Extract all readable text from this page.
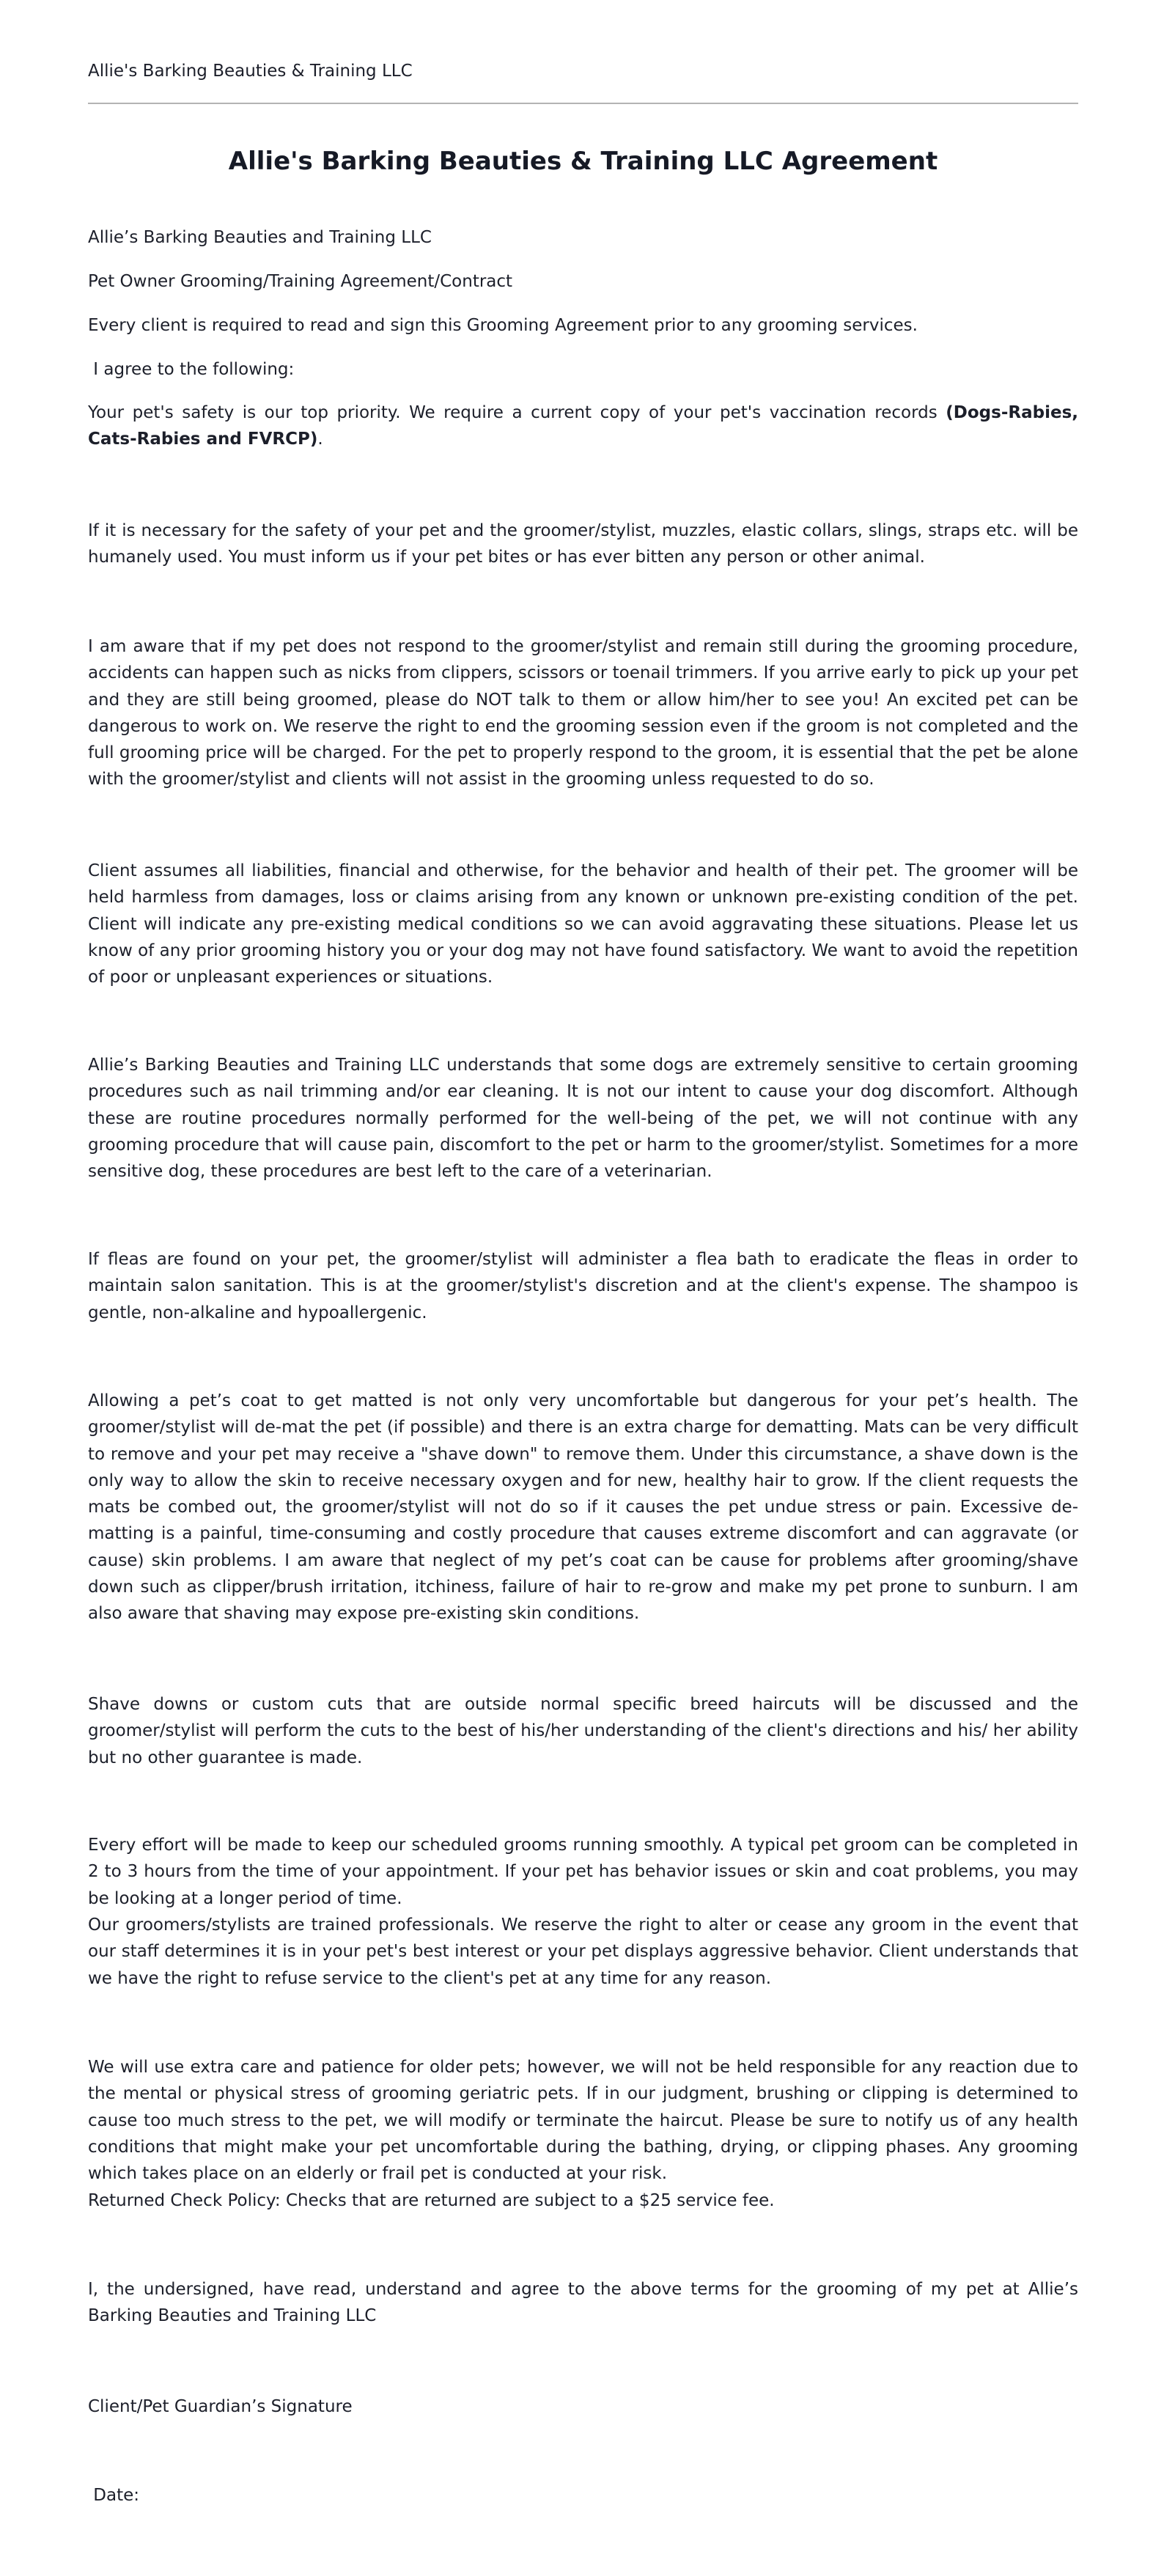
Allie's Barking Beauties & Training LLC
Allie's Barking Beauties & Training LLC Agreement

Allie’s Barking Beauties and Training LLC

Pet Owner Grooming/Training Agreement/Contract

Every client is required to read and sign this Grooming Agreement prior to any grooming services.

I agree to the following:

Your pet's safety is our top priority. We require a current copy of your pet's vaccination records (Dogs-Rabies, Cats-Rabies and FVRCP).

If it is necessary for the safety of your pet and the groomer/stylist, muzzles, elastic collars, slings, straps etc. will be humanely used. You must inform us if your pet bites or has ever bitten any person or other animal.

I am aware that if my pet does not respond to the groomer/stylist and remain still during the grooming procedure, accidents can happen such as nicks from clippers, scissors or toenail trimmers. If you arrive early to pick up your pet and they are still being groomed, please do NOT talk to them or allow him/her to see you! An excited pet can be dangerous to work on. We reserve the right to end the grooming session even if the groom is not completed and the full grooming price will be charged. For the pet to properly respond to the groom, it is essential that the pet be alone with the groomer/stylist and clients will not assist in the grooming unless requested to do so.

Client assumes all liabilities, financial and otherwise, for the behavior and health of their pet. The groomer will be held harmless from damages, loss or claims arising from any known or unknown pre-existing condition of the pet. Client will indicate any pre-existing medical conditions so we can avoid aggravating these situations. Please let us know of any prior grooming history you or your dog may not have found satisfactory. We want to avoid the repetition of poor or unpleasant experiences or situations.

Allie’s Barking Beauties and Training LLC understands that some dogs are extremely sensitive to certain grooming procedures such as nail trimming and/or ear cleaning. It is not our intent to cause your dog discomfort. Although these are routine procedures normally performed for the well-being of the pet, we will not continue with any grooming procedure that will cause pain, discomfort to the pet or harm to the groomer/stylist. Sometimes for a more sensitive dog, these procedures are best left to the care of a veterinarian.

If fleas are found on your pet, the groomer/stylist will administer a flea bath to eradicate the fleas in order to maintain salon sanitation. This is at the groomer/stylist's discretion and at the client's expense. The shampoo is gentle, non-alkaline and hypoallergenic.

Allowing a pet’s coat to get matted is not only very uncomfortable but dangerous for your pet’s health. The groomer/stylist will de-mat the pet (if possible) and there is an extra charge for dematting. Mats can be very difficult to remove and your pet may receive a "shave down" to remove them. Under this circumstance, a shave down is the only way to allow the skin to receive necessary oxygen and for new, healthy hair to grow. If the client requests the mats be combed out, the groomer/stylist will not do so if it causes the pet undue stress or pain. Excessive de-matting is a painful, time-consuming and costly procedure that causes extreme discomfort and can aggravate (or cause) skin problems. I am aware that neglect of my pet’s coat can be cause for problems after grooming/shave down such as clipper/brush irritation, itchiness, failure of hair to re-grow and make my pet prone to sunburn. I am also aware that shaving may expose pre-existing skin conditions.

Shave downs or custom cuts that are outside normal specific breed haircuts will be discussed and the groomer/stylist will perform the cuts to the best of his/her understanding of the client's directions and his/ her ability but no other guarantee is made.

Every effort will be made to keep our scheduled grooms running smoothly. A typical pet groom can be completed in 2 to 3 hours from the time of your appointment. If your pet has behavior issues or skin and coat problems, you may be looking at a longer period of time.

Our groomers/stylists are trained professionals. We reserve the right to alter or cease any groom in the event that our staff determines it is in your pet's best interest or your pet displays aggressive behavior. Client understands that we have the right to refuse service to the client's pet at any time for any reason.

We will use extra care and patience for older pets; however, we will not be held responsible for any reaction due to the mental or physical stress of grooming geriatric pets. If in our judgment, brushing or clipping is determined to cause too much stress to the pet, we will modify or terminate the haircut. Please be sure to notify us of any health conditions that might make your pet uncomfortable during the bathing, drying, or clipping phases. Any grooming which takes place on an elderly or frail pet is conducted at your risk.

Returned Check Policy: Checks that are returned are subject to a $25 service fee.

I, the undersigned, have read, understand and agree to the above terms for the grooming of my pet at Allie’s Barking Beauties and Training LLC

Client/Pet Guardian’s Signature

Date:
